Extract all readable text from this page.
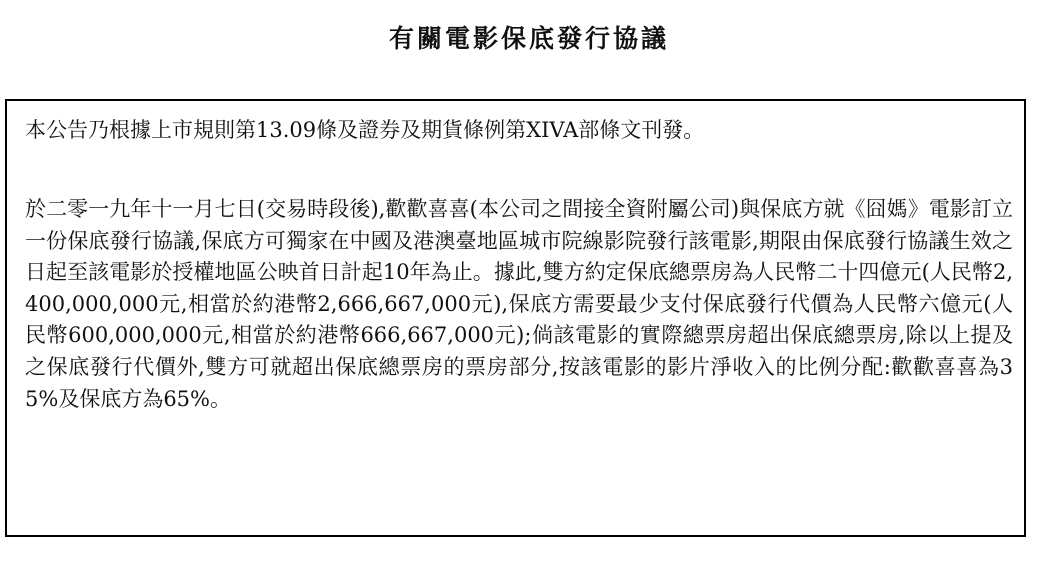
有關電影保底發行協議
本公告乃根據上市規則第13.09條及證券及期貨條例第XIVA部條文刊發。
於二零一九年十一月七日(交易時段後),歡歡喜喜(本公司之間接全資附屬公司)與保底方就《囧媽》電影訂立一份保底發行協議,保底方可獨家在中國及港澳臺地區城市院線影院發行該電影,期限由保底發行協議生效之日起至該電影於授權地區公映首日計起10年為止。據此,雙方約定保底總票房為人民幣二十四億元(人民幣2,400,000,000元,相當於約港幣2,666,667,000元),保底方需要最少支付保底發行代價為人民幣六億元(人民幣600,000,000元,相當於約港幣666,667,000元);倘該電影的實際總票房超出保底總票房,除以上提及之保底發行代價外,雙方可就超出保底總票房的票房部分,按該電影的影片淨收入的比例分配:歡歡喜喜為35%及保底方為65%。
